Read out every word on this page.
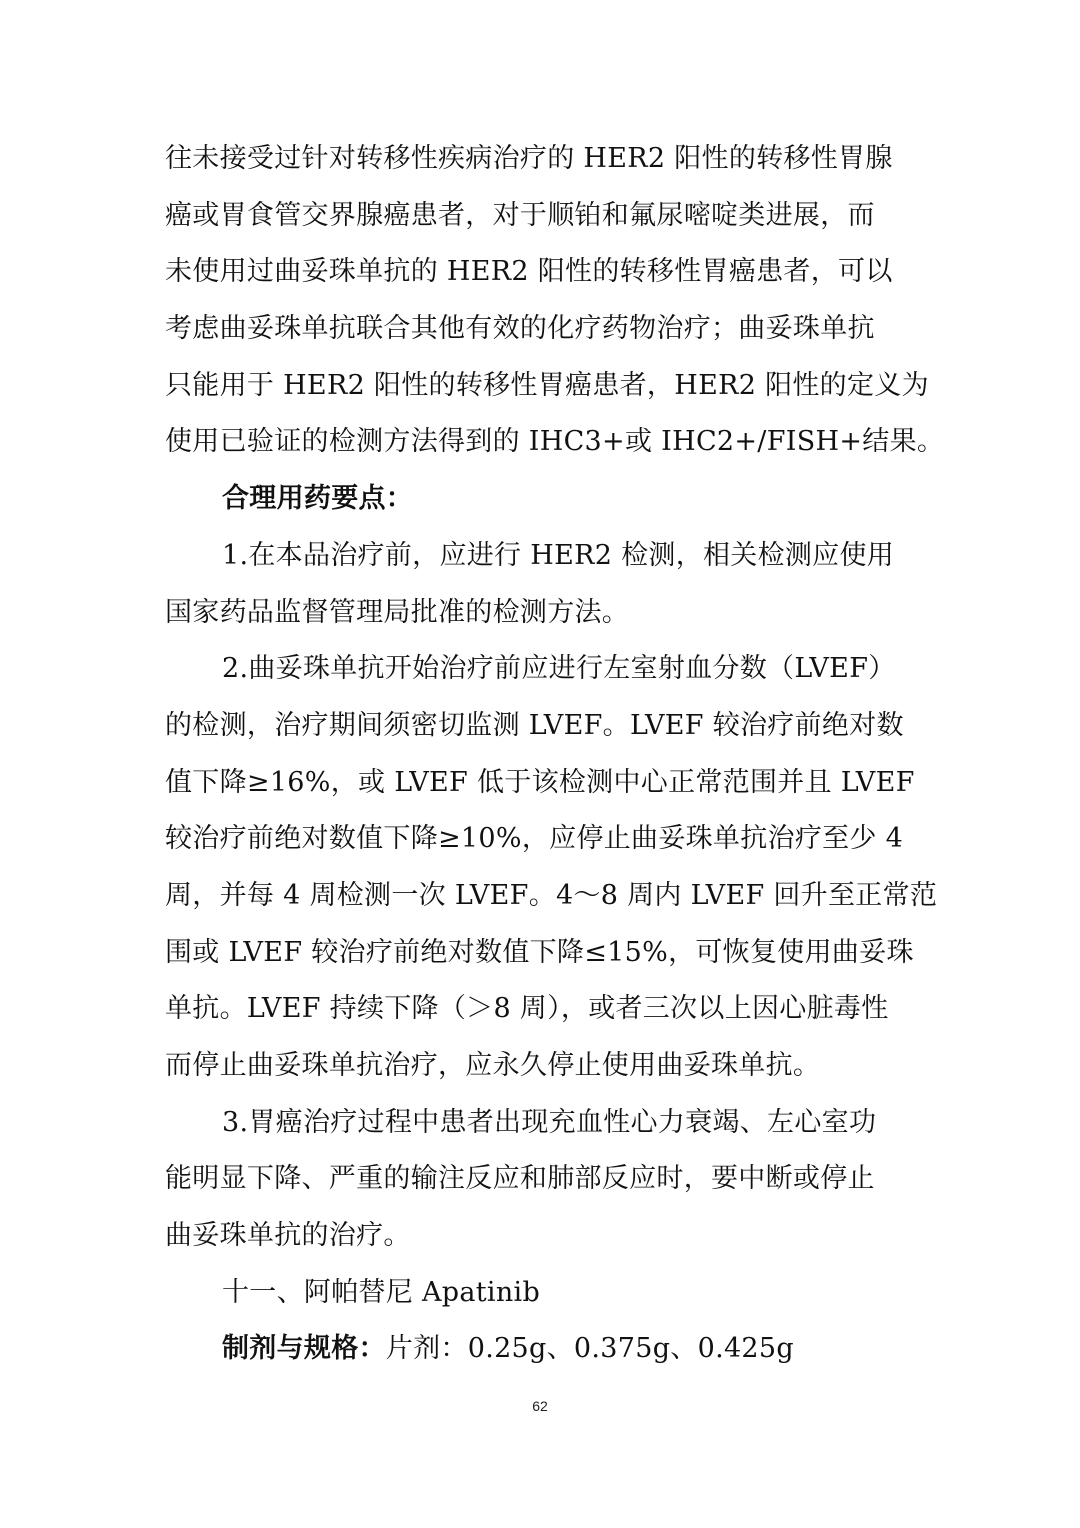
往未接受过针对转移性疾病治疗的 HER2 阳性的转移性胃腺
癌或胃食管交界腺癌患者，对于顺铂和氟尿嘧啶类进展，而
未使用过曲妥珠单抗的 HER2 阳性的转移性胃癌患者，可以
考虑曲妥珠单抗联合其他有效的化疗药物治疗；曲妥珠单抗
只能用于 HER2 阳性的转移性胃癌患者，HER2 阳性的定义为
使用已验证的检测方法得到的 IHC3+或 IHC2+/FISH+结果。
合理用药要点：
1.在本品治疗前，应进行 HER2 检测，相关检测应使用
国家药品监督管理局批准的检测方法。
2.曲妥珠单抗开始治疗前应进行左室射血分数（LVEF）
的检测，治疗期间须密切监测 LVEF。LVEF 较治疗前绝对数
值下降≥16%，或 LVEF 低于该检测中心正常范围并且 LVEF
较治疗前绝对数值下降≥10%，应停止曲妥珠单抗治疗至少 4
周，并每 4 周检测一次 LVEF。4～8 周内 LVEF 回升至正常范
围或 LVEF 较治疗前绝对数值下降≤15%，可恢复使用曲妥珠
单抗。LVEF 持续下降（＞8 周），或者三次以上因心脏毒性
而停止曲妥珠单抗治疗，应永久停止使用曲妥珠单抗。
3.胃癌治疗过程中患者出现充血性心力衰竭、左心室功
能明显下降、严重的输注反应和肺部反应时，要中断或停止
曲妥珠单抗的治疗。
十一、阿帕替尼 Apatinib
制剂与规格：片剂：0.25g、0.375g、0.425g
62
